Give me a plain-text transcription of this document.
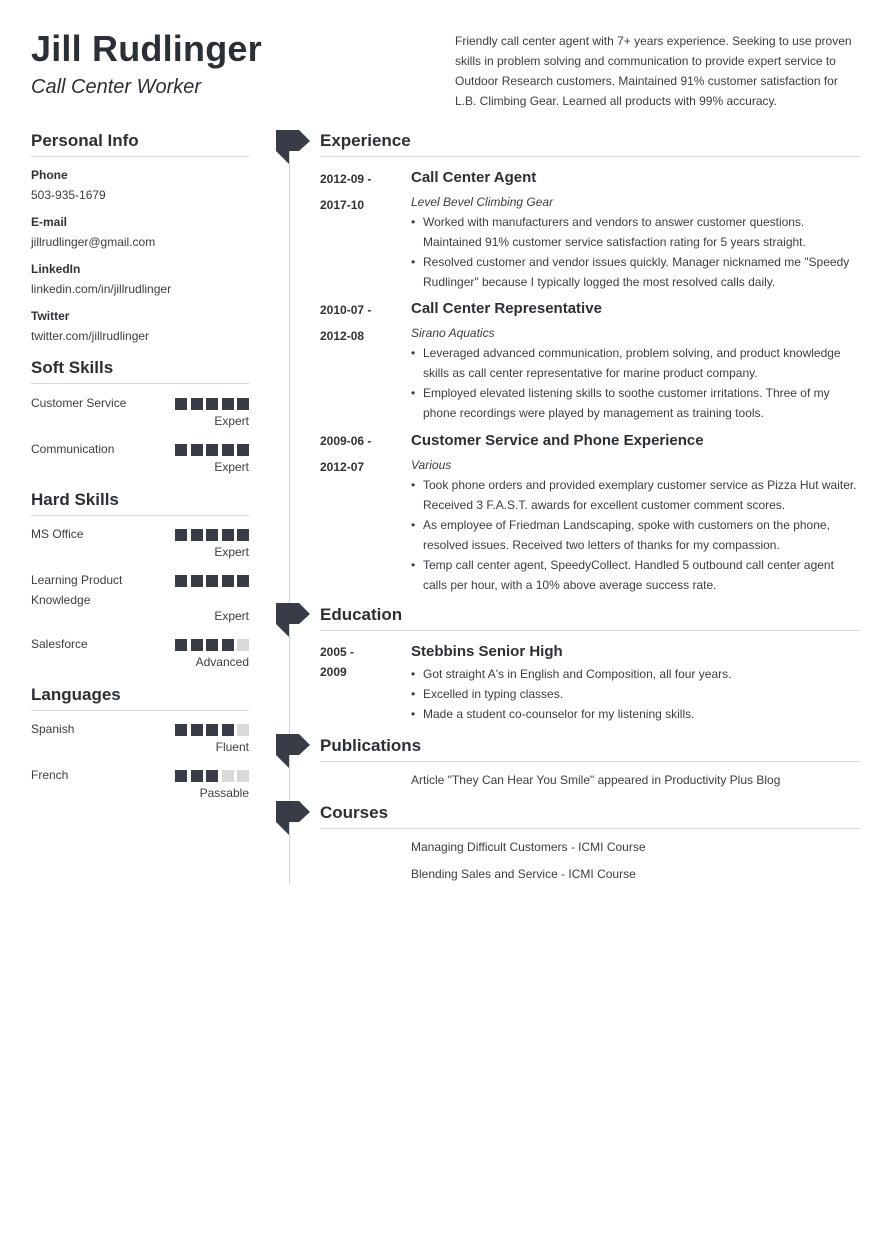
Jill Rudlinger
Call Center Worker
Friendly call center agent with 7+ years experience. Seeking to use proven skills in problem solving and communication to provide expert service to Outdoor Research customers. Maintained 91% customer satisfaction for L.B. Climbing Gear. Learned all products with 99% accuracy.
Personal Info
Phone
503-935-1679
E-mail
jillrudlinger@gmail.com
LinkedIn
linkedin.com/in/jillrudlinger
Twitter
twitter.com/jillrudlinger
Soft Skills
Customer Service
Expert
Communication
Expert
Hard Skills
MS Office
Expert
Learning Product Knowledge
Expert
Salesforce
Advanced
Languages
Spanish
Fluent
French
Passable
Experience
2012-09 -
2017-10
Call Center Agent
Level Bevel Climbing Gear
• Worked with manufacturers and vendors to answer customer questions. Maintained 91% customer service satisfaction rating for 5 years straight.
• Resolved customer and vendor issues quickly. Manager nicknamed me "Speedy Rudlinger" because I typically logged the most resolved calls daily.
2010-07 -
2012-08
Call Center Representative
Sirano Aquatics
• Leveraged advanced communication, problem solving, and product knowledge skills as call center representative for marine product company.
• Employed elevated listening skills to soothe customer irritations. Three of my phone recordings were played by management as training tools.
2009-06 -
2012-07
Customer Service and Phone Experience
Various
• Took phone orders and provided exemplary customer service as Pizza Hut waiter. Received 3 F.A.S.T. awards for excellent customer comment scores.
• As employee of Friedman Landscaping, spoke with customers on the phone, resolved issues. Received two letters of thanks for my compassion.
• Temp call center agent, SpeedyCollect. Handled 5 outbound call center agent calls per hour, with a 10% above average success rate.
Education
2005 -
2009
Stebbins Senior High
• Got straight A's in English and Composition, all four years.
• Excelled in typing classes.
• Made a student co-counselor for my listening skills.
Publications
Article "They Can Hear You Smile" appeared in Productivity Plus Blog
Courses
Managing Difficult Customers - ICMI Course
Blending Sales and Service - ICMI Course
